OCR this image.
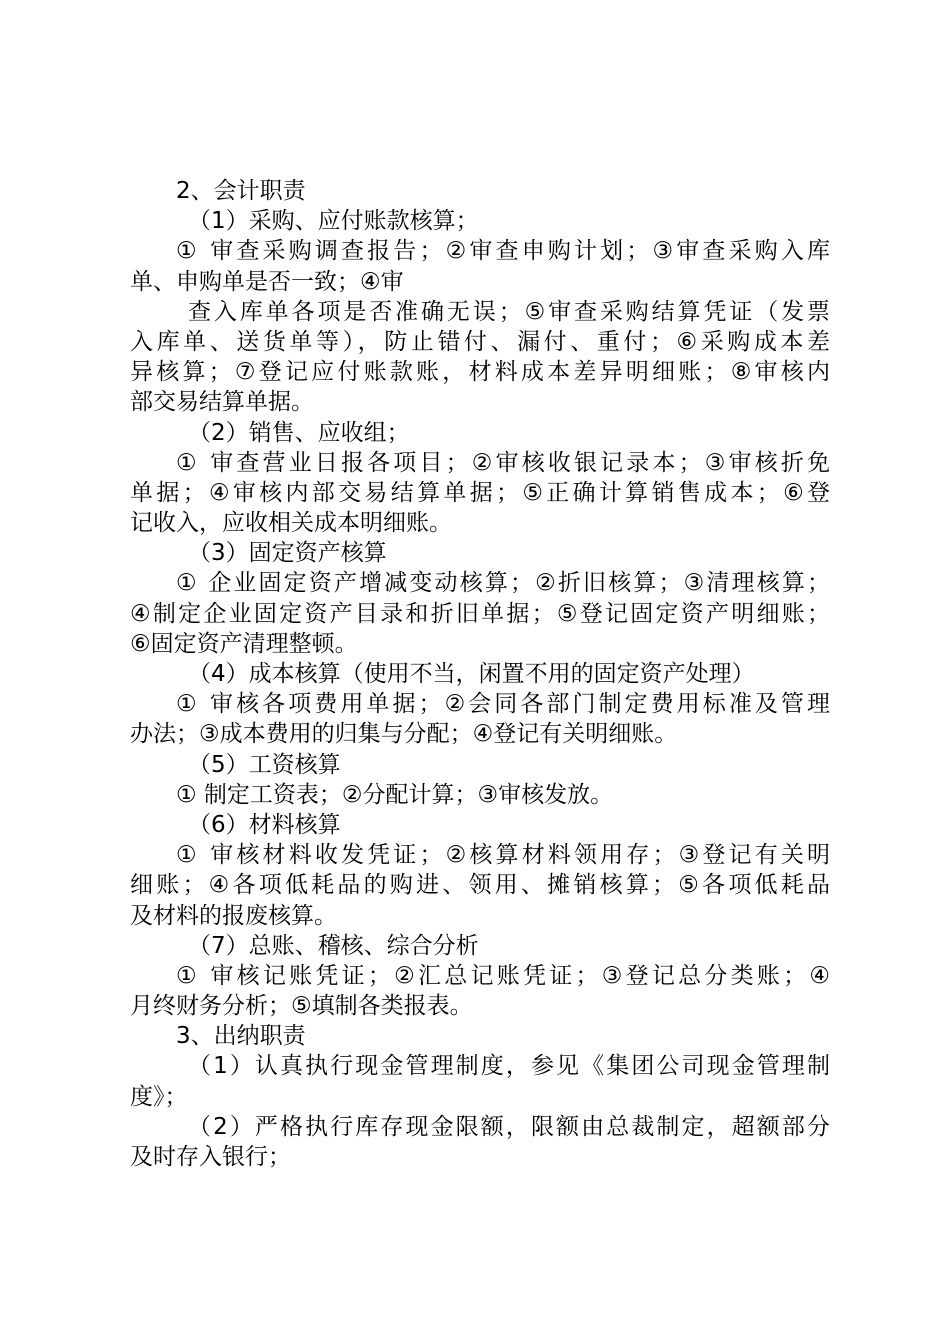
2、会计职责
（1）采购、应付账款核算；
① 审查采购调查报告；②审查申购计划；③审查采购入库
单、申购单是否一致；④审
查入库单各项是否准确无误；⑤审查采购结算凭证（发票
入库单、送货单等），防止错付、漏付、重付；⑥采购成本差
异核算；⑦登记应付账款账，材料成本差异明细账；⑧审核内
部交易结算单据。
（2）销售、应收组；
① 审查营业日报各项目；②审核收银记录本；③审核折免
单据；④审核内部交易结算单据；⑤正确计算销售成本；⑥登
记收入，应收相关成本明细账。
（3）固定资产核算
① 企业固定资产增减变动核算；②折旧核算；③清理核算；
④制定企业固定资产目录和折旧单据；⑤登记固定资产明细账；
⑥固定资产清理整顿。
（4）成本核算（使用不当，闲置不用的固定资产处理）
① 审核各项费用单据；②会同各部门制定费用标准及管理
办法；③成本费用的归集与分配；④登记有关明细账。
（5）工资核算
① 制定工资表；②分配计算；③审核发放。
（6）材料核算
① 审核材料收发凭证；②核算材料领用存；③登记有关明
细账；④各项低耗品的购进、领用、摊销核算；⑤各项低耗品
及材料的报废核算。
（7）总账、稽核、综合分析
① 审核记账凭证；②汇总记账凭证；③登记总分类账；④
月终财务分析；⑤填制各类报表。
3、出纳职责
（1）认真执行现金管理制度，参见《集团公司现金管理制
度》；
（2）严格执行库存现金限额，限额由总裁制定，超额部分
及时存入银行；
